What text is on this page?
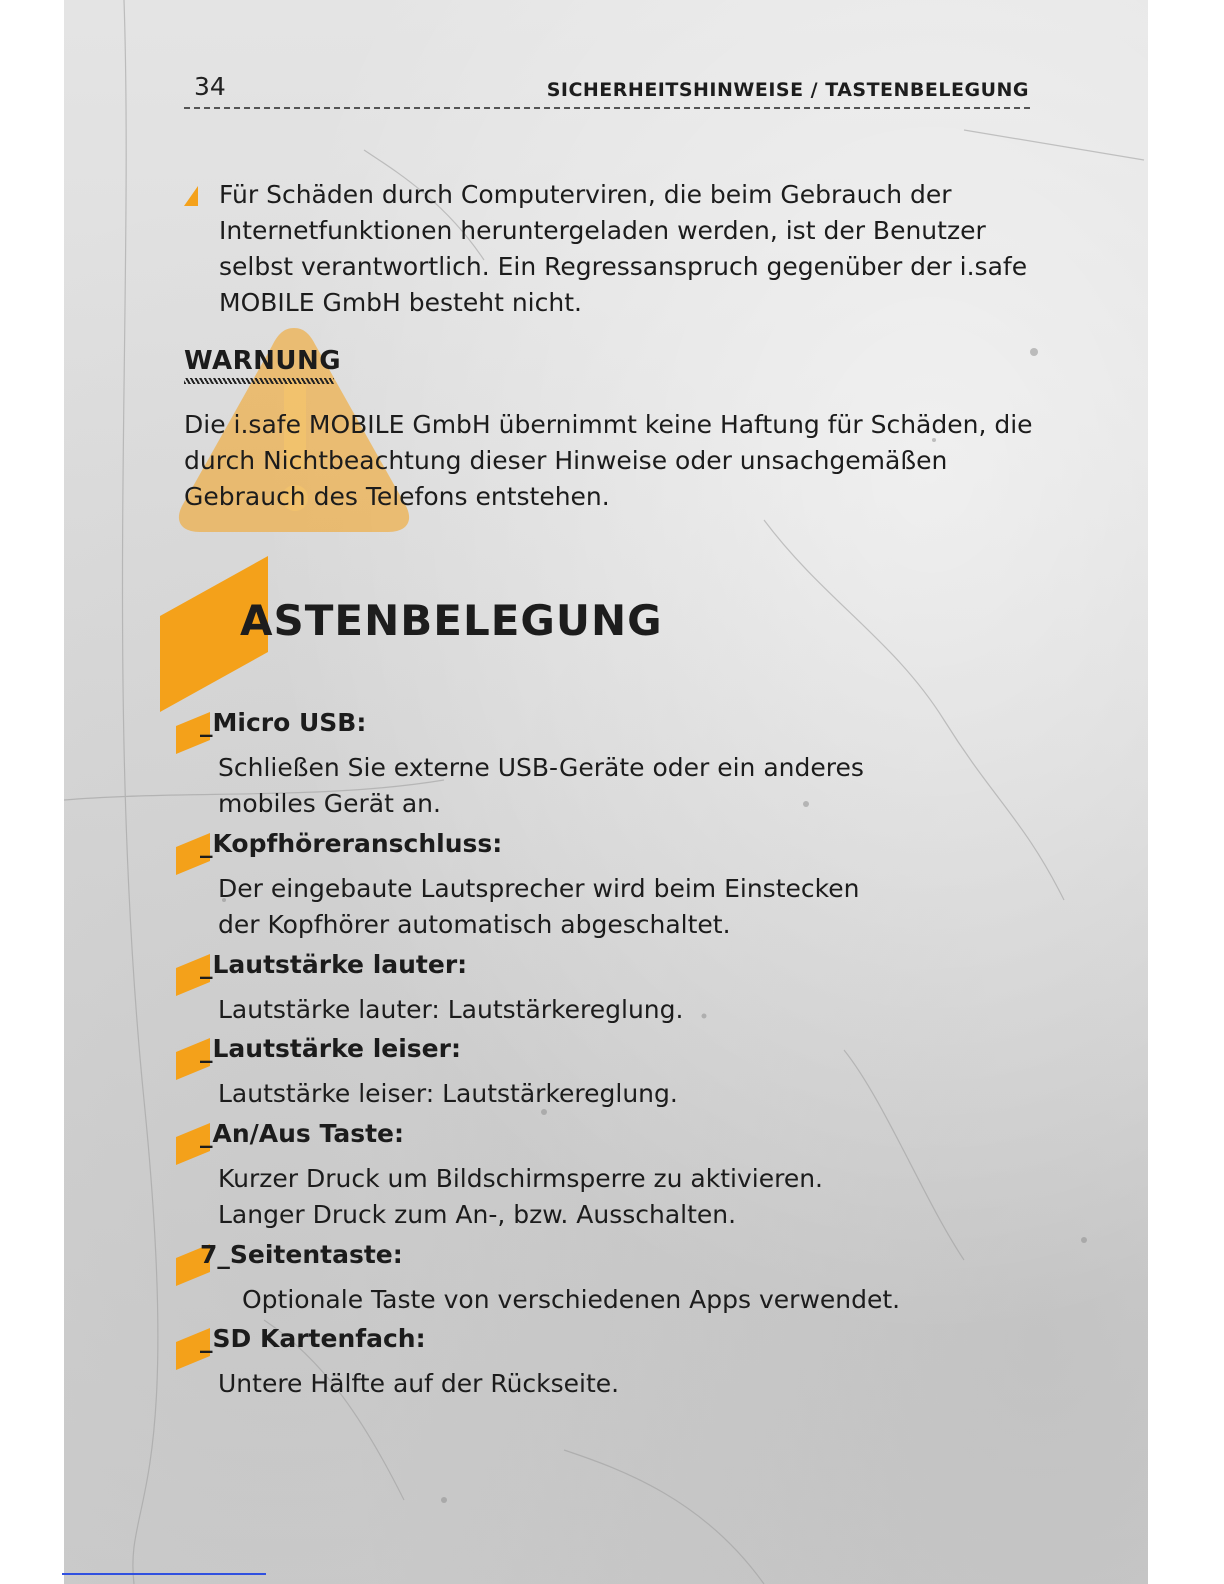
34	SICHERHEITSHINWEISE / TASTENBELEGUNG
Für Schäden durch Computerviren, die beim Gebrauch der Internetfunktionen heruntergeladen werden, ist der Benutzer selbst verantwortlich. Ein Regressanspruch gegenüber der i.safe MOBILE GmbH besteht nicht.
WARNUNG
Die i.safe MOBILE GmbH übernimmt keine Haftung für Schäden, die durch Nichtbeachtung dieser Hinweise oder unsachgemäßen Gebrauch des Telefons entstehen.
ASTENBELEGUNG
_Micro USB:
Schließen Sie externe USB-Geräte oder ein anderes
mobiles Gerät an.
_Kopfhöreranschluss:
Der eingebaute Lautsprecher wird beim Einstecken
der Kopfhörer automatisch abgeschaltet.
_Lautstärke lauter:
Lautstärke lauter: Lautstärkereglung.
_Lautstärke leiser:
Lautstärke leiser: Lautstärkereglung.
_An/Aus Taste:
Kurzer Druck um Bildschirmsperre zu aktivieren.
Langer Druck zum An-, bzw. Ausschalten.
7_Seitentaste:
Optionale Taste von verschiedenen Apps verwendet.
_SD Kartenfach:
Untere Hälfte auf der Rückseite.
